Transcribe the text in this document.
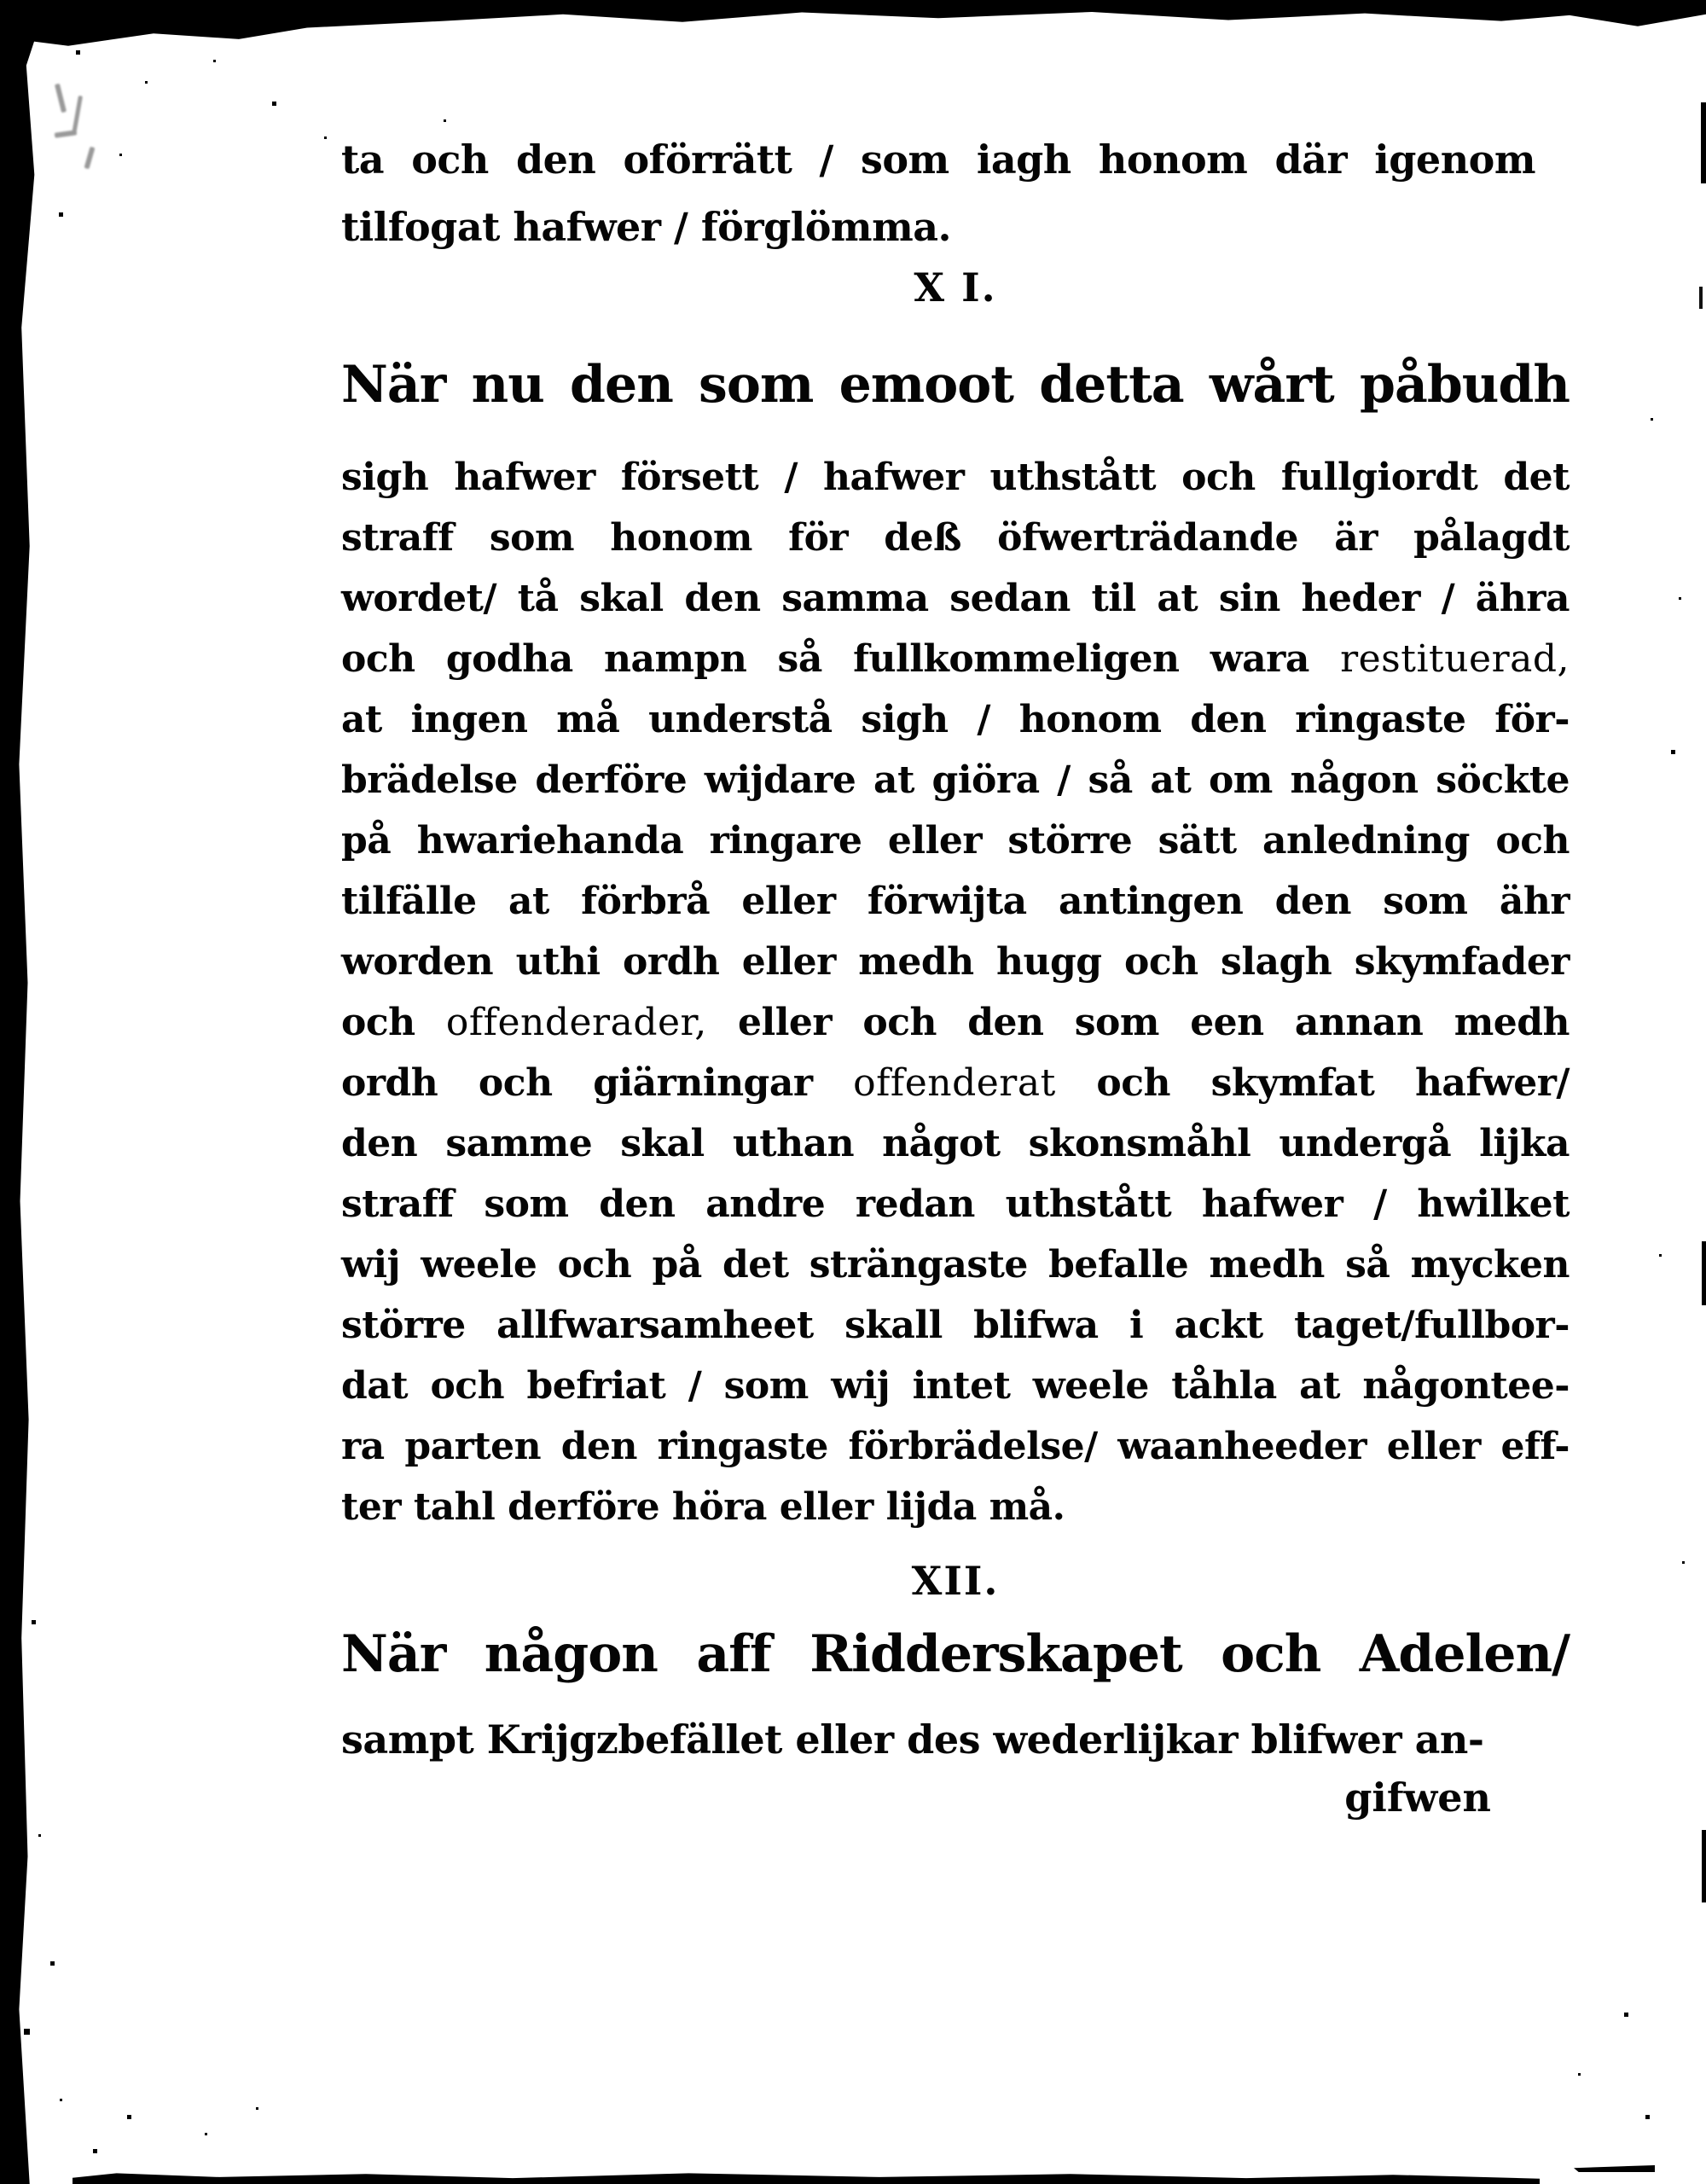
ta och den oförrätt / som iagh honom där igenom
tilfogat hafwer / förglömma.
X I.
När nu den som emoot detta wårt påbudh
sigh hafwer försett / hafwer uthstått och fullgiordt det
straff som honom för deß öfwerträdande är pålagdt
wordet/ tå skal den samma sedan til at sin heder / ähra
och godha nampn så fullkommeligen wara restituerad,
at ingen må understå sigh / honom den ringaste för-
brädelse derföre wijdare at giöra / så at om någon söckte
på hwariehanda ringare eller större sätt anledning och
tilfälle at förbrå eller förwijta antingen den som ähr
worden uthi ordh eller medh hugg och slagh skymfader
och offenderader, eller och den som een annan medh
ordh och giärningar offenderat och skymfat hafwer/
den samme skal uthan något skonsmåhl undergå lijka
straff som den andre redan uthstått hafwer / hwilket
wij weele och på det strängaste befalle medh så mycken
större allfwarsamheet skall blifwa i ackt taget/fullbor-
dat och befriat / som wij intet weele tåhla at någontee-
ra parten den ringaste förbrädelse/ waanheeder eller eff-
ter tahl derföre höra eller lijda må.
XII.
När någon aff Ridderskapet och Adelen/
sampt Krijgzbefället eller des wederlijkar blifwer an-
gifwen
